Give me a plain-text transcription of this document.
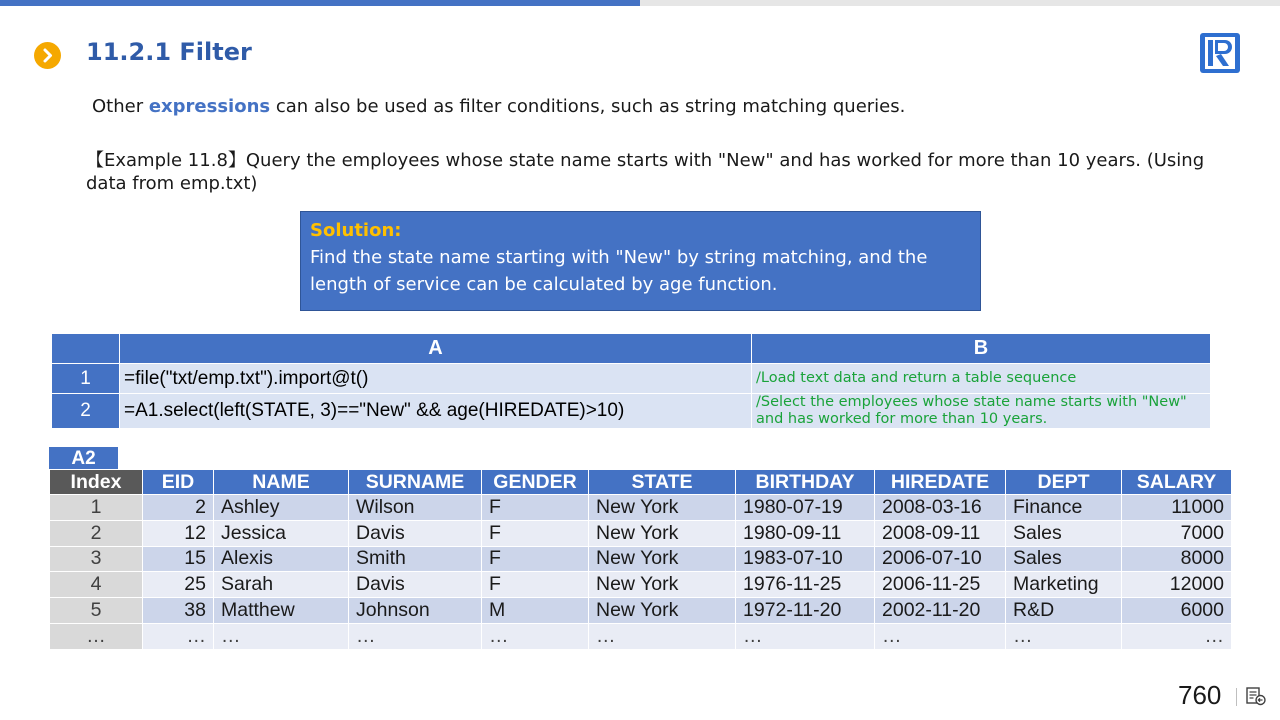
11.2.1 Filter
Other expressions can also be used as filter conditions, such as string matching queries.
【Example 11.8】Query the employees whose state name starts with "New" and has worked for more than 10 years. (Using data from emp.txt)
Solution:
Find the state name starting with "New" by string matching, and the length of service can be calculated by age function.
	A	B
1	=file("txt/emp.txt").import@t()	/Load text data and return a table sequence
2	=A1.select(left(STATE, 3)=="New" && age(HIREDATE)>10)	/Select the employees whose state name starts with "New" and has worked for more than 10 years.
A2
Index	EID	NAME	SURNAME	GENDER	STATE	BIRTHDAY	HIREDATE	DEPT	SALARY
1	2	Ashley	Wilson	F	New York	1980-07-19	2008-03-16	Finance	11000
2	12	Jessica	Davis	F	New York	1980-09-11	2008-09-11	Sales	7000
3	15	Alexis	Smith	F	New York	1983-07-10	2006-07-10	Sales	8000
4	25	Sarah	Davis	F	New York	1976-11-25	2006-11-25	Marketing	12000
5	38	Matthew	Johnson	M	New York	1972-11-20	2002-11-20	R&D	6000
…	…	…	…	…	…	…	…	…	…
760
